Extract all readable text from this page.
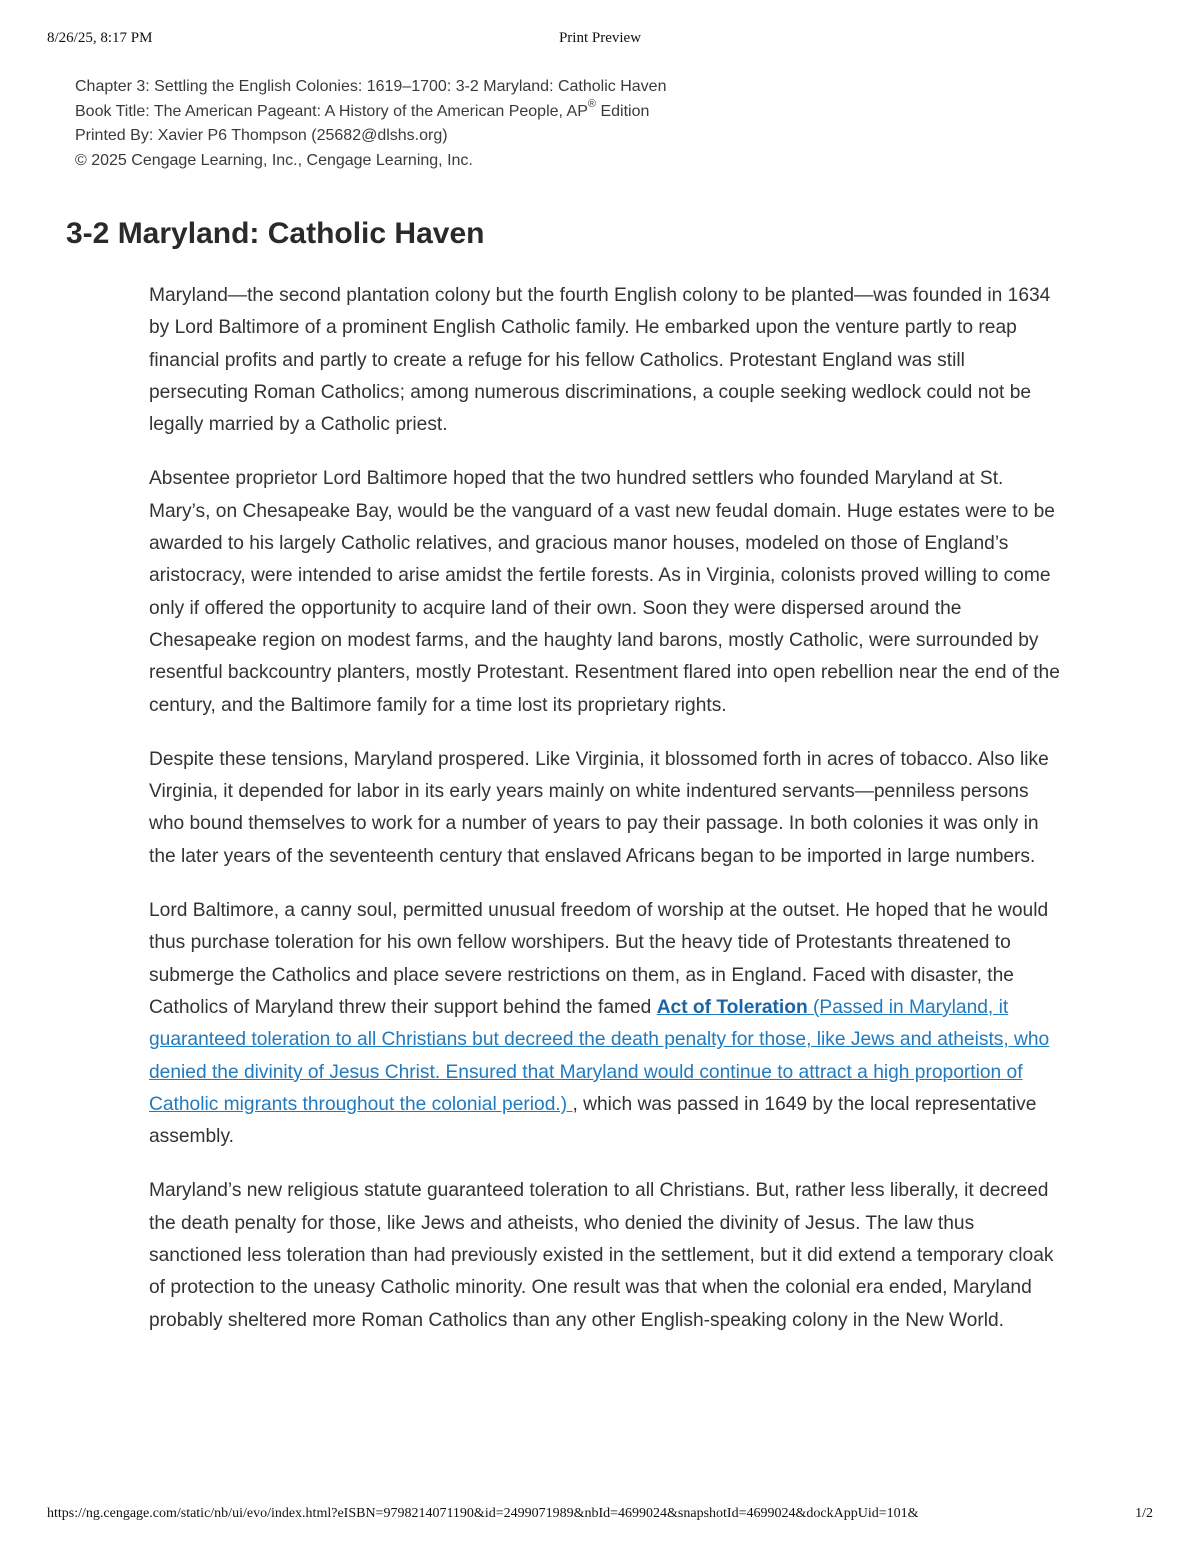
8/26/25, 8:17 PM	Print Preview
Chapter 3: Settling the English Colonies: 1619–1700: 3-2 Maryland: Catholic Haven
Book Title: The American Pageant: A History of the American People, AP® Edition
Printed By: Xavier P6 Thompson (25682@dlshs.org)
© 2025 Cengage Learning, Inc., Cengage Learning, Inc.
3-2 Maryland: Catholic Haven

Maryland—the second plantation colony but the fourth English colony to be planted—was founded in 1634 by Lord Baltimore of a prominent English Catholic family. He embarked upon the venture partly to reap financial profits and partly to create a refuge for his fellow Catholics. Protestant England was still persecuting Roman Catholics; among numerous discriminations, a couple seeking wedlock could not be legally married by a Catholic priest.

Absentee proprietor Lord Baltimore hoped that the two hundred settlers who founded Maryland at St. Mary’s, on Chesapeake Bay, would be the vanguard of a vast new feudal domain. Huge estates were to be awarded to his largely Catholic relatives, and gracious manor houses, modeled on those of England’s aristocracy, were intended to arise amidst the fertile forests. As in Virginia, colonists proved willing to come only if offered the opportunity to acquire land of their own. Soon they were dispersed around the Chesapeake region on modest farms, and the haughty land barons, mostly Catholic, were surrounded by resentful backcountry planters, mostly Protestant. Resentment flared into open rebellion near the end of the century, and the Baltimore family for a time lost its proprietary rights.

Despite these tensions, Maryland prospered. Like Virginia, it blossomed forth in acres of tobacco. Also like Virginia, it depended for labor in its early years mainly on white indentured servants—penniless persons who bound themselves to work for a number of years to pay their passage. In both colonies it was only in the later years of the seventeenth century that enslaved Africans began to be imported in large numbers.

Lord Baltimore, a canny soul, permitted unusual freedom of worship at the outset. He hoped that he would thus purchase toleration for his own fellow worshipers. But the heavy tide of Protestants threatened to submerge the Catholics and place severe restrictions on them, as in England. Faced with disaster, the Catholics of Maryland threw their support behind the famed Act of Toleration (Passed in Maryland, it guaranteed toleration to all Christians but decreed the death penalty for those, like Jews and atheists, who denied the divinity of Jesus Christ. Ensured that Maryland would continue to attract a high proportion of Catholic migrants throughout the colonial period.) , which was passed in 1649 by the local representative assembly.

Maryland’s new religious statute guaranteed toleration to all Christians. But, rather less liberally, it decreed the death penalty for those, like Jews and atheists, who denied the divinity of Jesus. The law thus sanctioned less toleration than had previously existed in the settlement, but it did extend a temporary cloak of protection to the uneasy Catholic minority. One result was that when the colonial era ended, Maryland probably sheltered more Roman Catholics than any other English-speaking colony in the New World.

https://ng.cengage.com/static/nb/ui/evo/index.html?eISBN=9798214071190&id=2499071989&nbId=4699024&snapshotId=4699024&dockAppUid=101&	1/2
